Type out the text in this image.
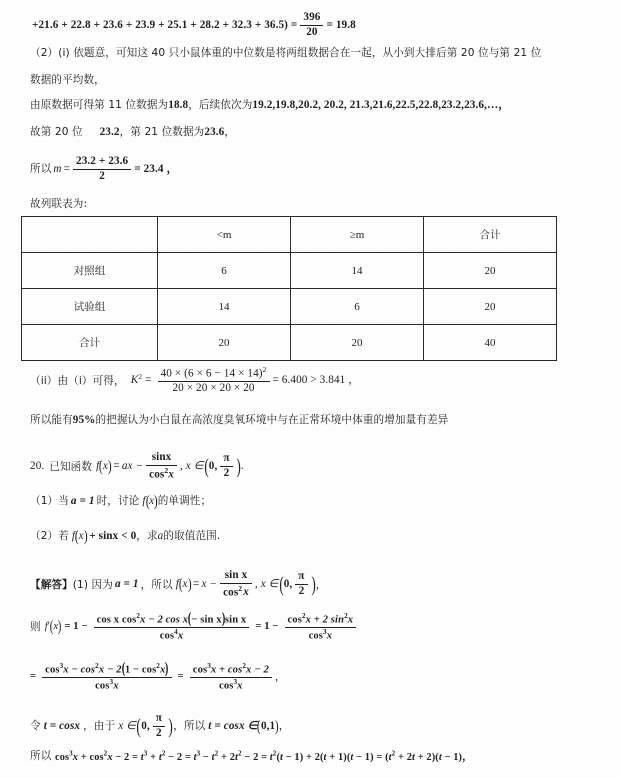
$+21.6 + 22.8 + 23.6 + 23.9 + 25.1 + 28.2 + 32.3 + 36.5) = \frac{396}{20} = 19.8$
（2）(i) 依题意，可知这 40 只小鼠体重的中位数是将两组数据合在一起，从小到大排后第 20 位与第 21 位
数据的平均数，
由原数据可得第 11 位数据为18.8，后续依次为19.2,19.8,20.2, 20.2, 21.3,21.6,22.5,22.8,23.2,23.6,…，
故第 20 位 23.2，第 21 位数据为23.6，
所以 $m = \frac{23.2 + 23.6}{2} = 23.4$ ，
故列联表为:
	<m	≥m	合计
对照组	6	14	20
试验组	14	6	20
合计	20	20	40
（ii）由（i）可得， K $^2 = \frac{40 \times (6 \times 6 - 14 \times 14)^2}{20 \times 20 \times 20 \times 20} = 6.400 > 3.841$ ，
所以能有95%的把握认为小白鼠在高浓度臭氧环境中与在正常环境中体重的增加量有差异
20. 已知函数 f ( x ) = ax − $\frac{\sin x}{\cos^2x}$ , x ∈ ( 0, $\frac{\pi}{2}$ ) .
（1）当 a = 1 时，讨论 f ( x ) 的单调性；
（2）若 f ( x ) + sinx < 0 ，求 a 的取值范围.
【解答】 (1) 因为 a = 1 ，所以 f ( x ) = $x - \frac{\text{sin x}}{\cos^2x}$ , x ∈ ( 0, $\frac{\pi}{2}$ ) ，
则 f ′ ( x ) = $1 - \frac{\cos x \cos^2x - 2 \cos x(- \sin x)\sin x}{\cos^4x} = 1 - \frac{\cos^2x + 2 \sin^2x}{\cos^3x}$
= $\frac{\cos^3x - \cos^2x - 2(1 - \cos^2x)}{\cos^3x} = \frac{\cos^3x + \cos^2x - 2}{\cos^3x}$ ，
令 t = cosx ，由于 x ∈ ( 0, $\frac{\pi}{2}$ ) ，所以 t = cosx ∈ ( 0,1 ) ，
所以 $\cos^3x + \cos^2x - 2 = t^3 + t^2 - 2 = t^3 - t^2 + 2t^2 - 2 = t^2(t - 1) + 2(t + 1)(t - 1) = (t^2 + 2t + 2)(t - 1)$，
